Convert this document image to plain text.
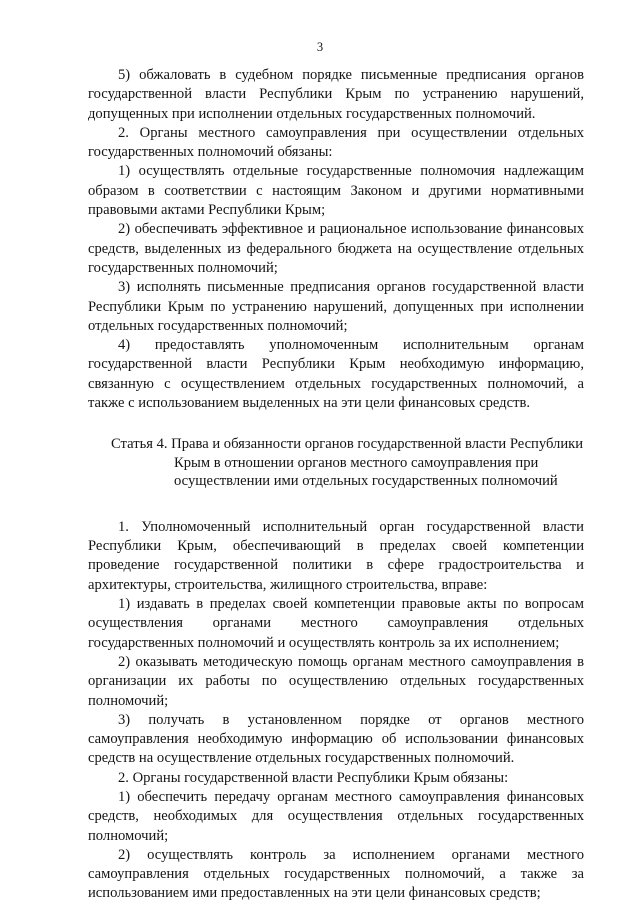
3

5) обжаловать в судебном порядке письменные предписания органов государственной власти Республики Крым по устранению нарушений, допущенных при исполнении отдельных государственных полномочий.

2. Органы местного самоуправления при осуществлении отдельных государственных полномочий обязаны:

1) осуществлять отдельные государственные полномочия надлежащим образом в соответствии с настоящим Законом и другими нормативными правовыми актами Республики Крым;

2) обеспечивать эффективное и рациональное использование финансовых средств, выделенных из федерального бюджета на осуществление отдельных государственных полномочий;

3) исполнять письменные предписания органов государственной власти Республики Крым по устранению нарушений, допущенных при исполнении отдельных государственных полномочий;

4) предоставлять уполномоченным исполнительным органам государственной власти Республики Крым необходимую информацию, связанную с осуществлением отдельных государственных полномочий, а также с использованием выделенных на эти цели финансовых средств.

Статья 4. Права и обязанности органов государственной власти Республики Крым в отношении органов местного самоуправления при осуществлении ими отдельных государственных полномочий

1. Уполномоченный исполнительный орган государственной власти Республики Крым, обеспечивающий в пределах своей компетенции проведение государственной политики в сфере градостроительства и архитектуры, строительства, жилищного строительства, вправе:

1) издавать в пределах своей компетенции правовые акты по вопросам осуществления органами местного самоуправления отдельных государственных полномочий и осуществлять контроль за их исполнением;

2) оказывать методическую помощь органам местного самоуправления в организации их работы по осуществлению отдельных государственных полномочий;

3) получать в установленном порядке от органов местного самоуправления необходимую информацию об использовании финансовых средств на осуществление отдельных государственных полномочий.

2. Органы государственной власти Республики Крым обязаны:

1) обеспечить передачу органам местного самоуправления финансовых средств, необходимых для осуществления отдельных государственных полномочий;

2) осуществлять контроль за исполнением органами местного самоуправления отдельных государственных полномочий, а также за использованием ими предоставленных на эти цели финансовых средств;
